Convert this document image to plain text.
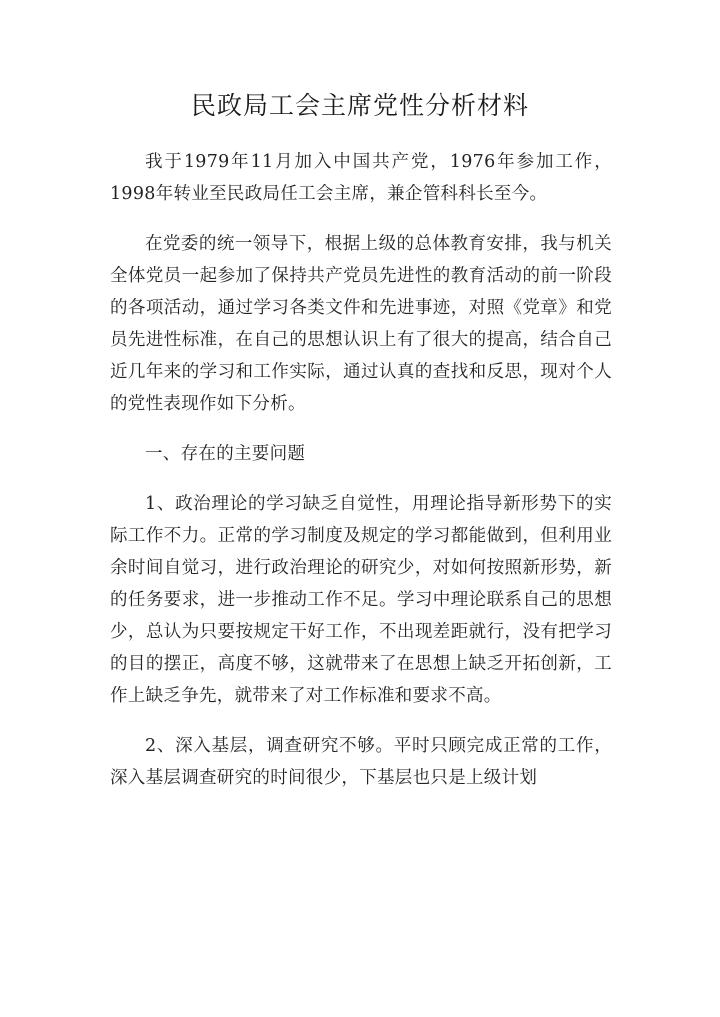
民政局工会主席党性分析材料

我于1979年11月加入中国共产党，1976年参加工作，1998年转业至民政局任工会主席，兼企管科科长至今。

在党委的统一领导下，根据上级的总体教育安排，我与机关全体党员一起参加了保持共产党员先进性的教育活动的前一阶段的各项活动，通过学习各类文件和先进事迹，对照《党章》和党员先进性标准，在自己的思想认识上有了很大的提高，结合自己近几年来的学习和工作实际，通过认真的查找和反思，现对个人的党性表现作如下分析。

一、存在的主要问题

1、政治理论的学习缺乏自觉性，用理论指导新形势下的实际工作不力。正常的学习制度及规定的学习都能做到，但利用业余时间自觉习，进行政治理论的研究少，对如何按照新形势，新的任务要求，进一步推动工作不足。学习中理论联系自己的思想少，总认为只要按规定干好工作，不出现差距就行，没有把学习的目的摆正，高度不够，这就带来了在思想上缺乏开拓创新，工作上缺乏争先，就带来了对工作标准和要求不高。

2、深入基层，调查研究不够。平时只顾完成正常的工作，深入基层调查研究的时间很少，下基层也只是上级计划
